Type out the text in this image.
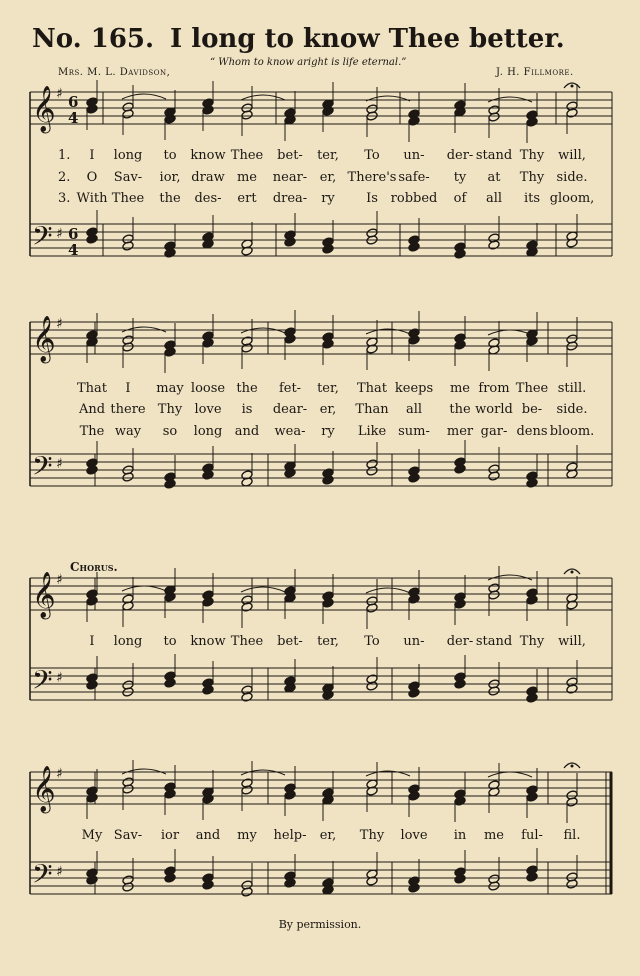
No. 165. I long to know Thee better.
“ Whom to know aright is life eternal.”
Mrs. M. L. Davidson,	J. H. Fillmore.
𝄞
𝄢
♯
♯
6
4
6
4
𝄞
𝄢
♯
♯
𝄞
𝄢
♯
♯
𝄞
𝄢
♯
♯
Chorus.
1. I long to know Thee bet- ter, To un- der- stand Thy will,
2. O Sav- ior, draw me near- er, There's safe- ty at Thy side.
3. With Thee the des- ert drea- ry Is robbed of all its gloom,
That I may loose the fet- ter, That keeps me from Thee still.
And there Thy love is dear- er, Than all the world be- side.
The way so long and wea- ry Like sum- mer gar- dens bloom.
I long to know Thee bet- ter, To un- der- stand Thy will,
My Sav- ior and my help- er, Thy love in me ful- fil.
By permission.
